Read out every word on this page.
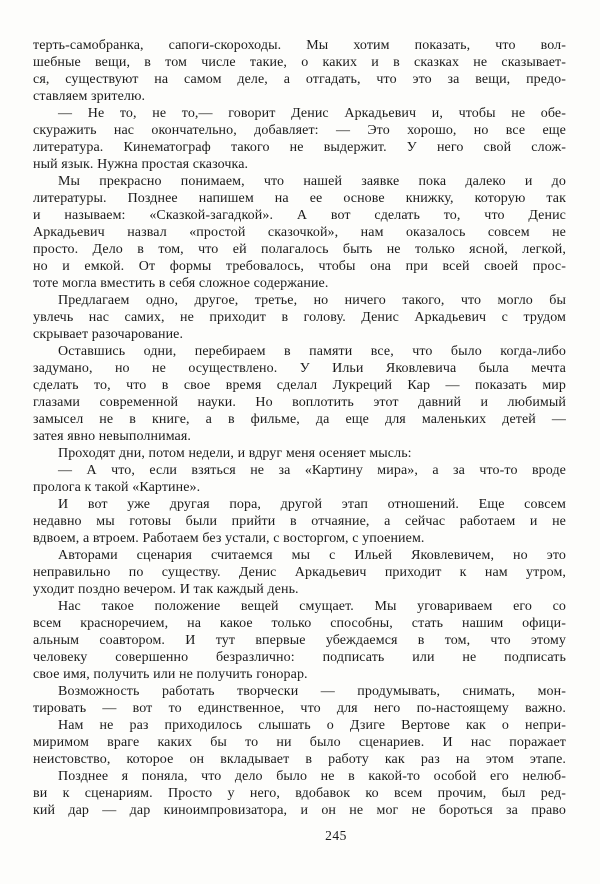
терть-самобранка, сапоги-скороходы. Мы хотим показать, что вол-
шебные вещи, в том числе такие, о каких и в сказках не сказывает-
ся, существуют на самом деле, а отгадать, что это за вещи, предо-
ставляем зрителю.

— Не то, не то,— говорит Денис Аркадьевич и, чтобы не обе-
скуражить нас окончательно, добавляет: — Это хорошо, но все еще
литература. Кинематограф такого не выдержит. У него свой слож-
ный язык. Нужна простая сказочка.

Мы прекрасно понимаем, что нашей заявке пока далеко и до
литературы. Позднее напишем на ее основе книжку, которую так
и называем: «Сказкой-загадкой». А вот сделать то, что Денис
Аркадьевич назвал «простой сказочкой», нам оказалось совсем не
просто. Дело в том, что ей полагалось быть не только ясной, легкой,
но и емкой. От формы требовалось, чтобы она при всей своей прос-
тоте могла вместить в себя сложное содержание.

Предлагаем одно, другое, третье, но ничего такого, что могло бы
увлечь нас самих, не приходит в голову. Денис Аркадьевич с трудом
скрывает разочарование.

Оставшись одни, перебираем в памяти все, что было когда-либо
задумано, но не осуществлено. У Ильи Яковлевича была мечта
сделать то, что в свое время сделал Лукреций Кар — показать мир
глазами современной науки. Но воплотить этот давний и любимый
замысел не в книге, а в фильме, да еще для маленьких детей —
затея явно невыполнимая.

Проходят дни, потом недели, и вдруг меня осеняет мысль:

— А что, если взяться не за «Картину мира», а за что-то вроде
пролога к такой «Картине».

И вот уже другая пора, другой этап отношений. Еще совсем
недавно мы готовы были прийти в отчаяние, а сейчас работаем и не
вдвоем, а втроем. Работаем без устали, с восторгом, с упоением.

Авторами сценария считаемся мы с Ильей Яковлевичем, но это
неправильно по существу. Денис Аркадьевич приходит к нам утром,
уходит поздно вечером. И так каждый день.

Нас такое положение вещей смущает. Мы уговариваем его со
всем красноречием, на какое только способны, стать нашим офици-
альным соавтором. И тут впервые убеждаемся в том, что этому
человеку совершенно безразлично: подписать или не подписать
свое имя, получить или не получить гонорар.

Возможность работать творчески — продумывать, снимать, мон-
тировать — вот то единственное, что для него по-настоящему важно.

Нам не раз приходилось слышать о Дзиге Вертове как о непри-
миримом враге каких бы то ни было сценариев. И нас поражает
неистовство, которое он вкладывает в работу как раз на этом этапе.

Позднее я поняла, что дело было не в какой-то особой его нелюб-
ви к сценариям. Просто у него, вдобавок ко всем прочим, был ред-
кий дар — дар киноимпровизатора, и он не мог не бороться за право

245
